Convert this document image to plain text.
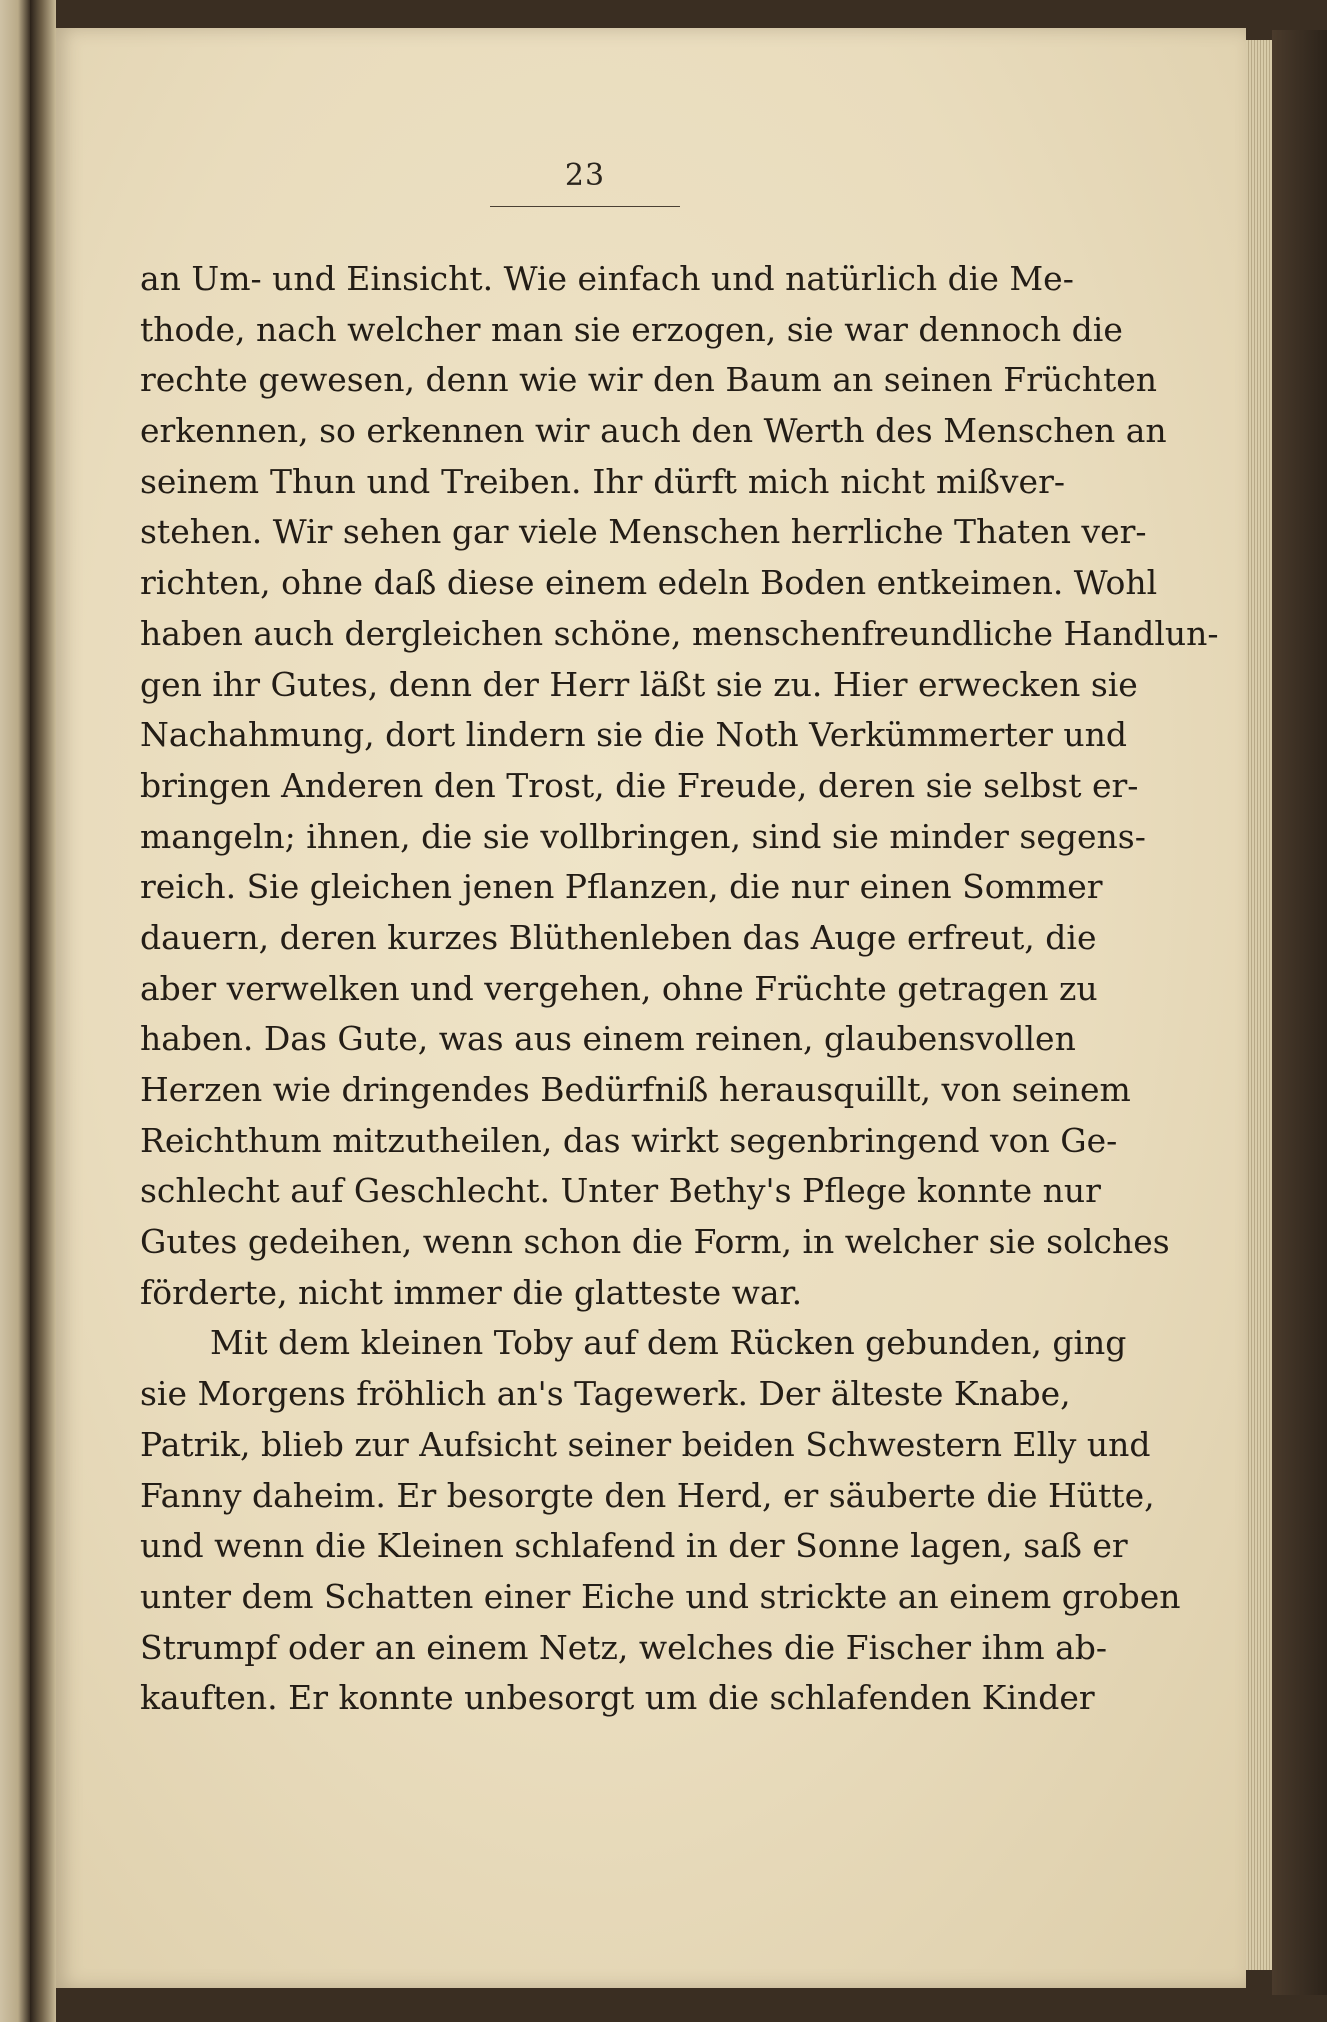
23
an Um- und Einsicht. Wie einfach und natürlich die Me-
thode, nach welcher man sie erzogen, sie war dennoch die
rechte gewesen, denn wie wir den Baum an seinen Früchten
erkennen, so erkennen wir auch den Werth des Menschen an
seinem Thun und Treiben. Ihr dürft mich nicht mißver-
stehen. Wir sehen gar viele Menschen herrliche Thaten ver-
richten, ohne daß diese einem edeln Boden entkeimen. Wohl
haben auch dergleichen schöne, menschenfreundliche Handlun-
gen ihr Gutes, denn der Herr läßt sie zu. Hier erwecken sie
Nachahmung, dort lindern sie die Noth Verkümmerter und
bringen Anderen den Trost, die Freude, deren sie selbst er-
mangeln; ihnen, die sie vollbringen, sind sie minder segens-
reich. Sie gleichen jenen Pflanzen, die nur einen Sommer
dauern, deren kurzes Blüthenleben das Auge erfreut, die
aber verwelken und vergehen, ohne Früchte getragen zu
haben. Das Gute, was aus einem reinen, glaubensvollen
Herzen wie dringendes Bedürfniß herausquillt, von seinem
Reichthum mitzutheilen, das wirkt segenbringend von Ge-
schlecht auf Geschlecht. Unter Bethy's Pflege konnte nur
Gutes gedeihen, wenn schon die Form, in welcher sie solches
förderte, nicht immer die glatteste war.
Mit dem kleinen Toby auf dem Rücken gebunden, ging
sie Morgens fröhlich an's Tagewerk. Der älteste Knabe,
Patrik, blieb zur Aufsicht seiner beiden Schwestern Elly und
Fanny daheim. Er besorgte den Herd, er säuberte die Hütte,
und wenn die Kleinen schlafend in der Sonne lagen, saß er
unter dem Schatten einer Eiche und strickte an einem groben
Strumpf oder an einem Netz, welches die Fischer ihm ab-
kauften. Er konnte unbesorgt um die schlafenden Kinder
